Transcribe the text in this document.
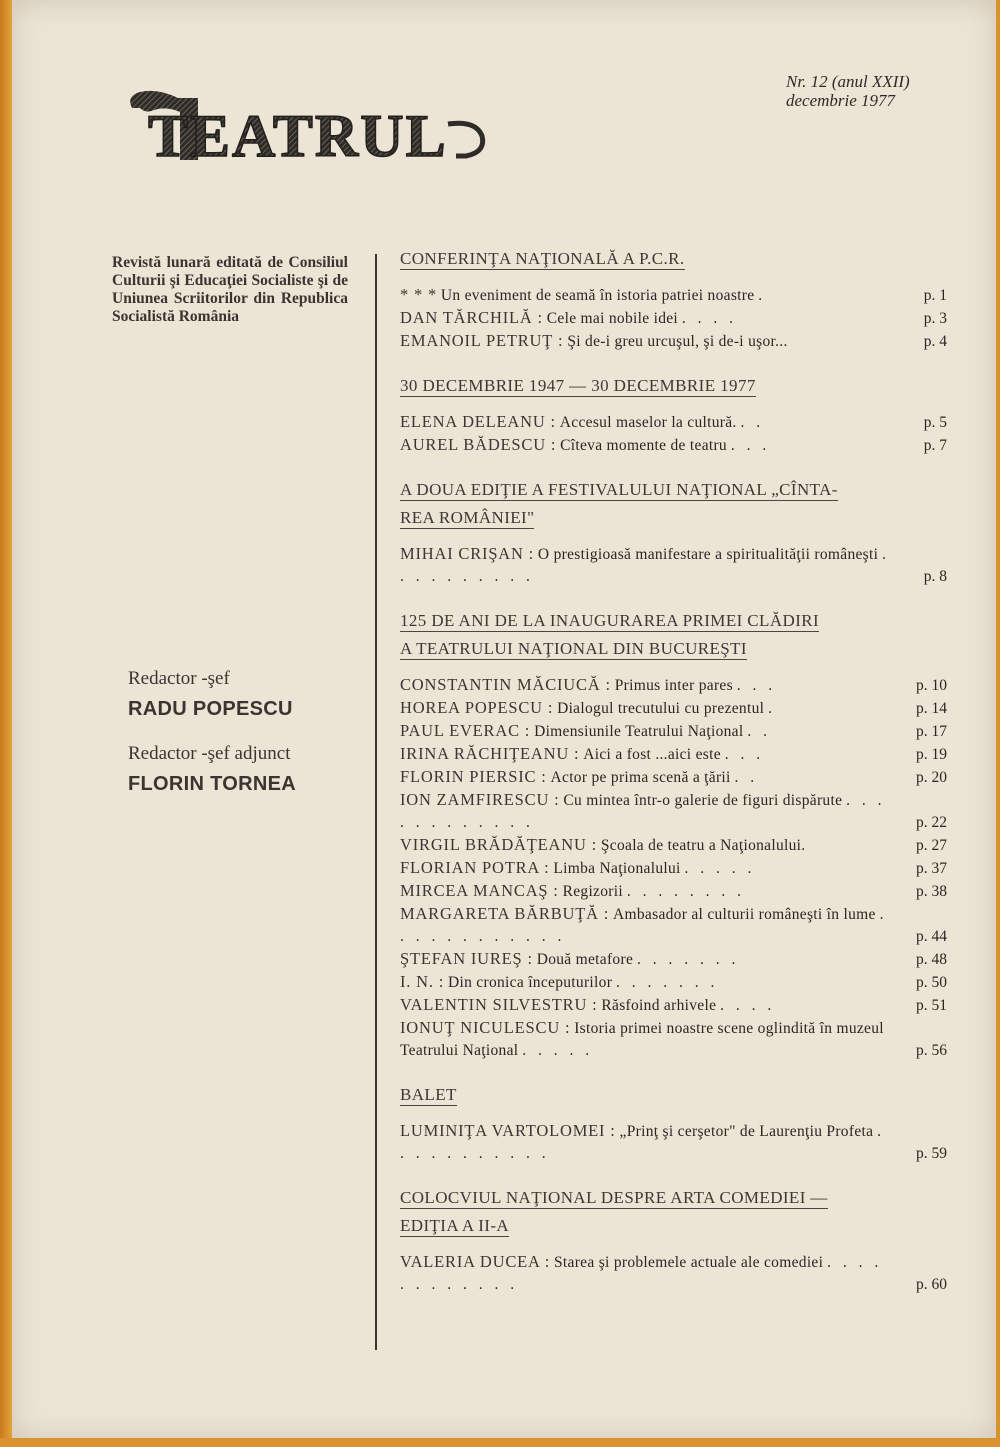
TEATRUL
Nr. 12 (anul XXII)
decembrie 1977
Revistă lunară editată de Consiliul Culturii şi Educaţiei Socialiste şi de Uniunea Scriitorilor din Republica Socialistă România
Redactor -şef
RADU POPESCU
Redactor -şef adjunct
FLORIN TORNEA
CONFERINŢA NAŢIONALĂ A P.C.R.
* * * Un eveniment de seamă în istoria patriei noastre .	p. 1
DAN TĂRCHILĂ : Cele mai nobile idei . . . .	p. 3
EMANOIL PETRUŢ : Şi de-i greu urcuşul, şi de-i uşor...	p. 4
30 DECEMBRIE 1947 — 30 DECEMBRIE 1977
ELENA DELEANU : Accesul maselor la cultură. . .	p. 5
AUREL BĂDESCU : Cîteva momente de teatru . . .	p. 7
A DOUA EDIŢIE A FESTIVALULUI NAŢIONAL „CÎNTA-
REA ROMÂNIEI"
MIHAI CRIŞAN : O prestigioasă manifestare a spiritualităţii româneşti . . . . . . . . . .	p. 8
125 DE ANI DE LA INAUGURAREA PRIMEI CLĂDIRI
A TEATRULUI NAŢIONAL DIN BUCUREŞTI
CONSTANTIN MĂCIUCĂ : Primus inter pares . . .	p. 10
HOREA POPESCU : Dialogul trecutului cu prezentul .	p. 14
PAUL EVERAC : Dimensiunile Teatrului Naţional . .	p. 17
IRINA RĂCHIŢEANU : Aici a fost ...aici este . . .	p. 19
FLORIN PIERSIC : Actor pe prima scenă a ţării . .	p. 20
ION ZAMFIRESCU : Cu mintea într-o galerie de figuri dispărute . . . . . . . . . . . .	p. 22
VIRGIL BRĂDĂŢEANU : Şcoala de teatru a Naţionalului.	p. 27
FLORIAN POTRA : Limba Naţionalului . . . . .	p. 37
MIRCEA MANCAŞ : Regizorii . . . . . . . .	p. 38
MARGARETA BĂRBUŢĂ : Ambasador al culturii româneşti în lume . . . . . . . . . . . .	p. 44
ŞTEFAN IUREŞ : Două metafore . . . . . . .	p. 48
I. N. : Din cronica începuturilor . . . . . . .	p. 50
VALENTIN SILVESTRU : Răsfoind arhivele . . . .	p. 51
IONUŢ NICULESCU : Istoria primei noastre scene oglindită în muzeul Teatrului Naţional . . . . .	p. 56
BALET
LUMINIŢA VARTOLOMEI : „Prinţ şi cerşetor" de Laurenţiu Profeta . . . . . . . . . . .	p. 59
COLOCVIUL NAŢIONAL DESPRE ARTA COMEDIEI —
EDIŢIA A II-A
VALERIA DUCEA : Starea şi problemele actuale ale comediei . . . . . . . . . . . .	p. 60
